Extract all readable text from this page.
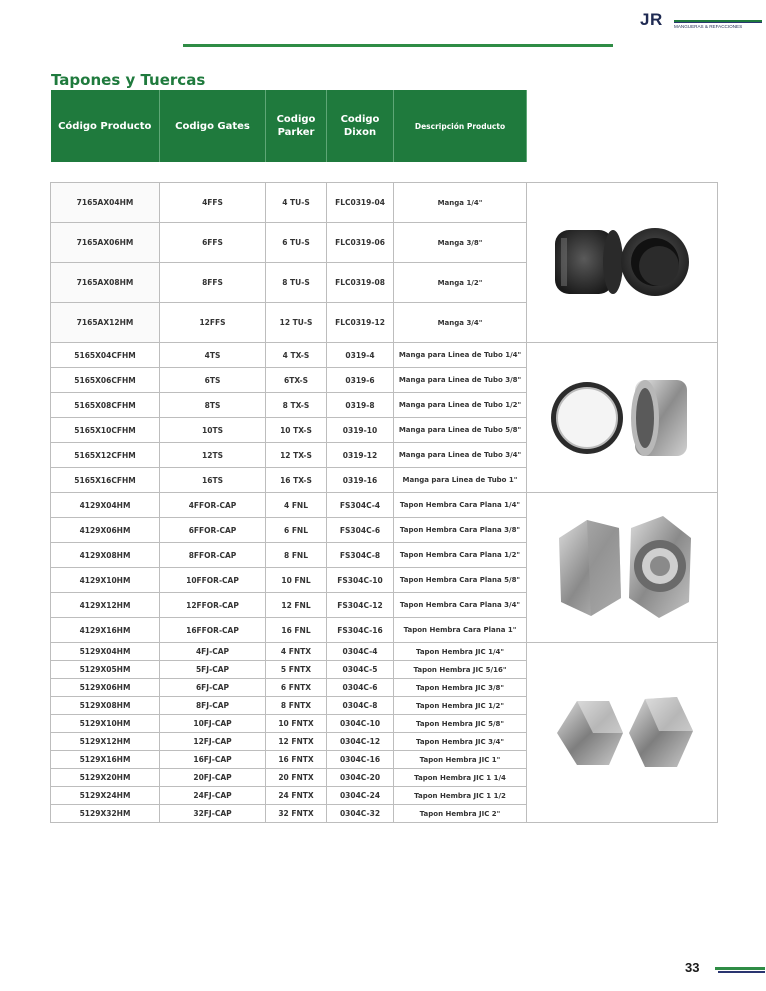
JR MANGUERAS & REFACCIONES
Tapones y Tuercas
Código Producto	Codigo Gates	Codigo Parker	Codigo Dixon	Descripción Producto	

7165AX04HM	4FFS	4 TU-S	FLC0319-04	Manga 1/4"	

7165AX06HM	6FFS	6 TU-S	FLC0319-06	Manga 3/8"	
7165AX08HM	8FFS	8 TU-S	FLC0319-08	Manga 1/2"	
7165AX12HM	12FFS	12 TU-S	FLC0319-12	Manga 3/4"	
5165X04CFHM	4TS	4 TX-S	0319-4	Manga para Linea de Tubo 1/4"	

5165X06CFHM	6TS	6TX-S	0319-6	Manga para Linea de Tubo 3/8"	
5165X08CFHM	8TS	8 TX-S	0319-8	Manga para Linea de Tubo 1/2"	
5165X10CFHM	10TS	10 TX-S	0319-10	Manga para Linea de Tubo 5/8"	
5165X12CFHM	12TS	12 TX-S	0319-12	Manga para Linea de Tubo 3/4"	
5165X16CFHM	16TS	16 TX-S	0319-16	Manga para Linea de Tubo 1"	
4129X04HM	4FFOR-CAP	4 FNL	FS304C-4	Tapon Hembra Cara Plana 1/4"	

4129X06HM	6FFOR-CAP	6 FNL	FS304C-6	Tapon Hembra Cara Plana 3/8"	
4129X08HM	8FFOR-CAP	8 FNL	FS304C-8	Tapon Hembra Cara Plana 1/2"	
4129X10HM	10FFOR-CAP	10 FNL	FS304C-10	Tapon Hembra Cara Plana 5/8"	
4129X12HM	12FFOR-CAP	12 FNL	FS304C-12	Tapon Hembra Cara Plana 3/4"	
4129X16HM	16FFOR-CAP	16 FNL	FS304C-16	Tapon Hembra Cara Plana 1"	
5129X04HM	4FJ-CAP	4 FNTX	0304C-4	Tapon Hembra JIC 1/4"	

5129X05HM	5FJ-CAP	5 FNTX	0304C-5	Tapon Hembra JIC 5/16"	
5129X06HM	6FJ-CAP	6 FNTX	0304C-6	Tapon Hembra JIC 3/8"	
5129X08HM	8FJ-CAP	8 FNTX	0304C-8	Tapon Hembra JIC 1/2"	
5129X10HM	10FJ-CAP	10 FNTX	0304C-10	Tapon Hembra JIC 5/8"	
5129X12HM	12FJ-CAP	12 FNTX	0304C-12	Tapon Hembra JIC 3/4"	
5129X16HM	16FJ-CAP	16 FNTX	0304C-16	Tapon Hembra JIC 1"	
5129X20HM	20FJ-CAP	20 FNTX	0304C-20	Tapon Hembra JIC 1 1/4	
5129X24HM	24FJ-CAP	24 FNTX	0304C-24	Tapon Hembra JIC 1 1/2	
5129X32HM	32FJ-CAP	32 FNTX	0304C-32	Tapon Hembra JIC 2"	
33
